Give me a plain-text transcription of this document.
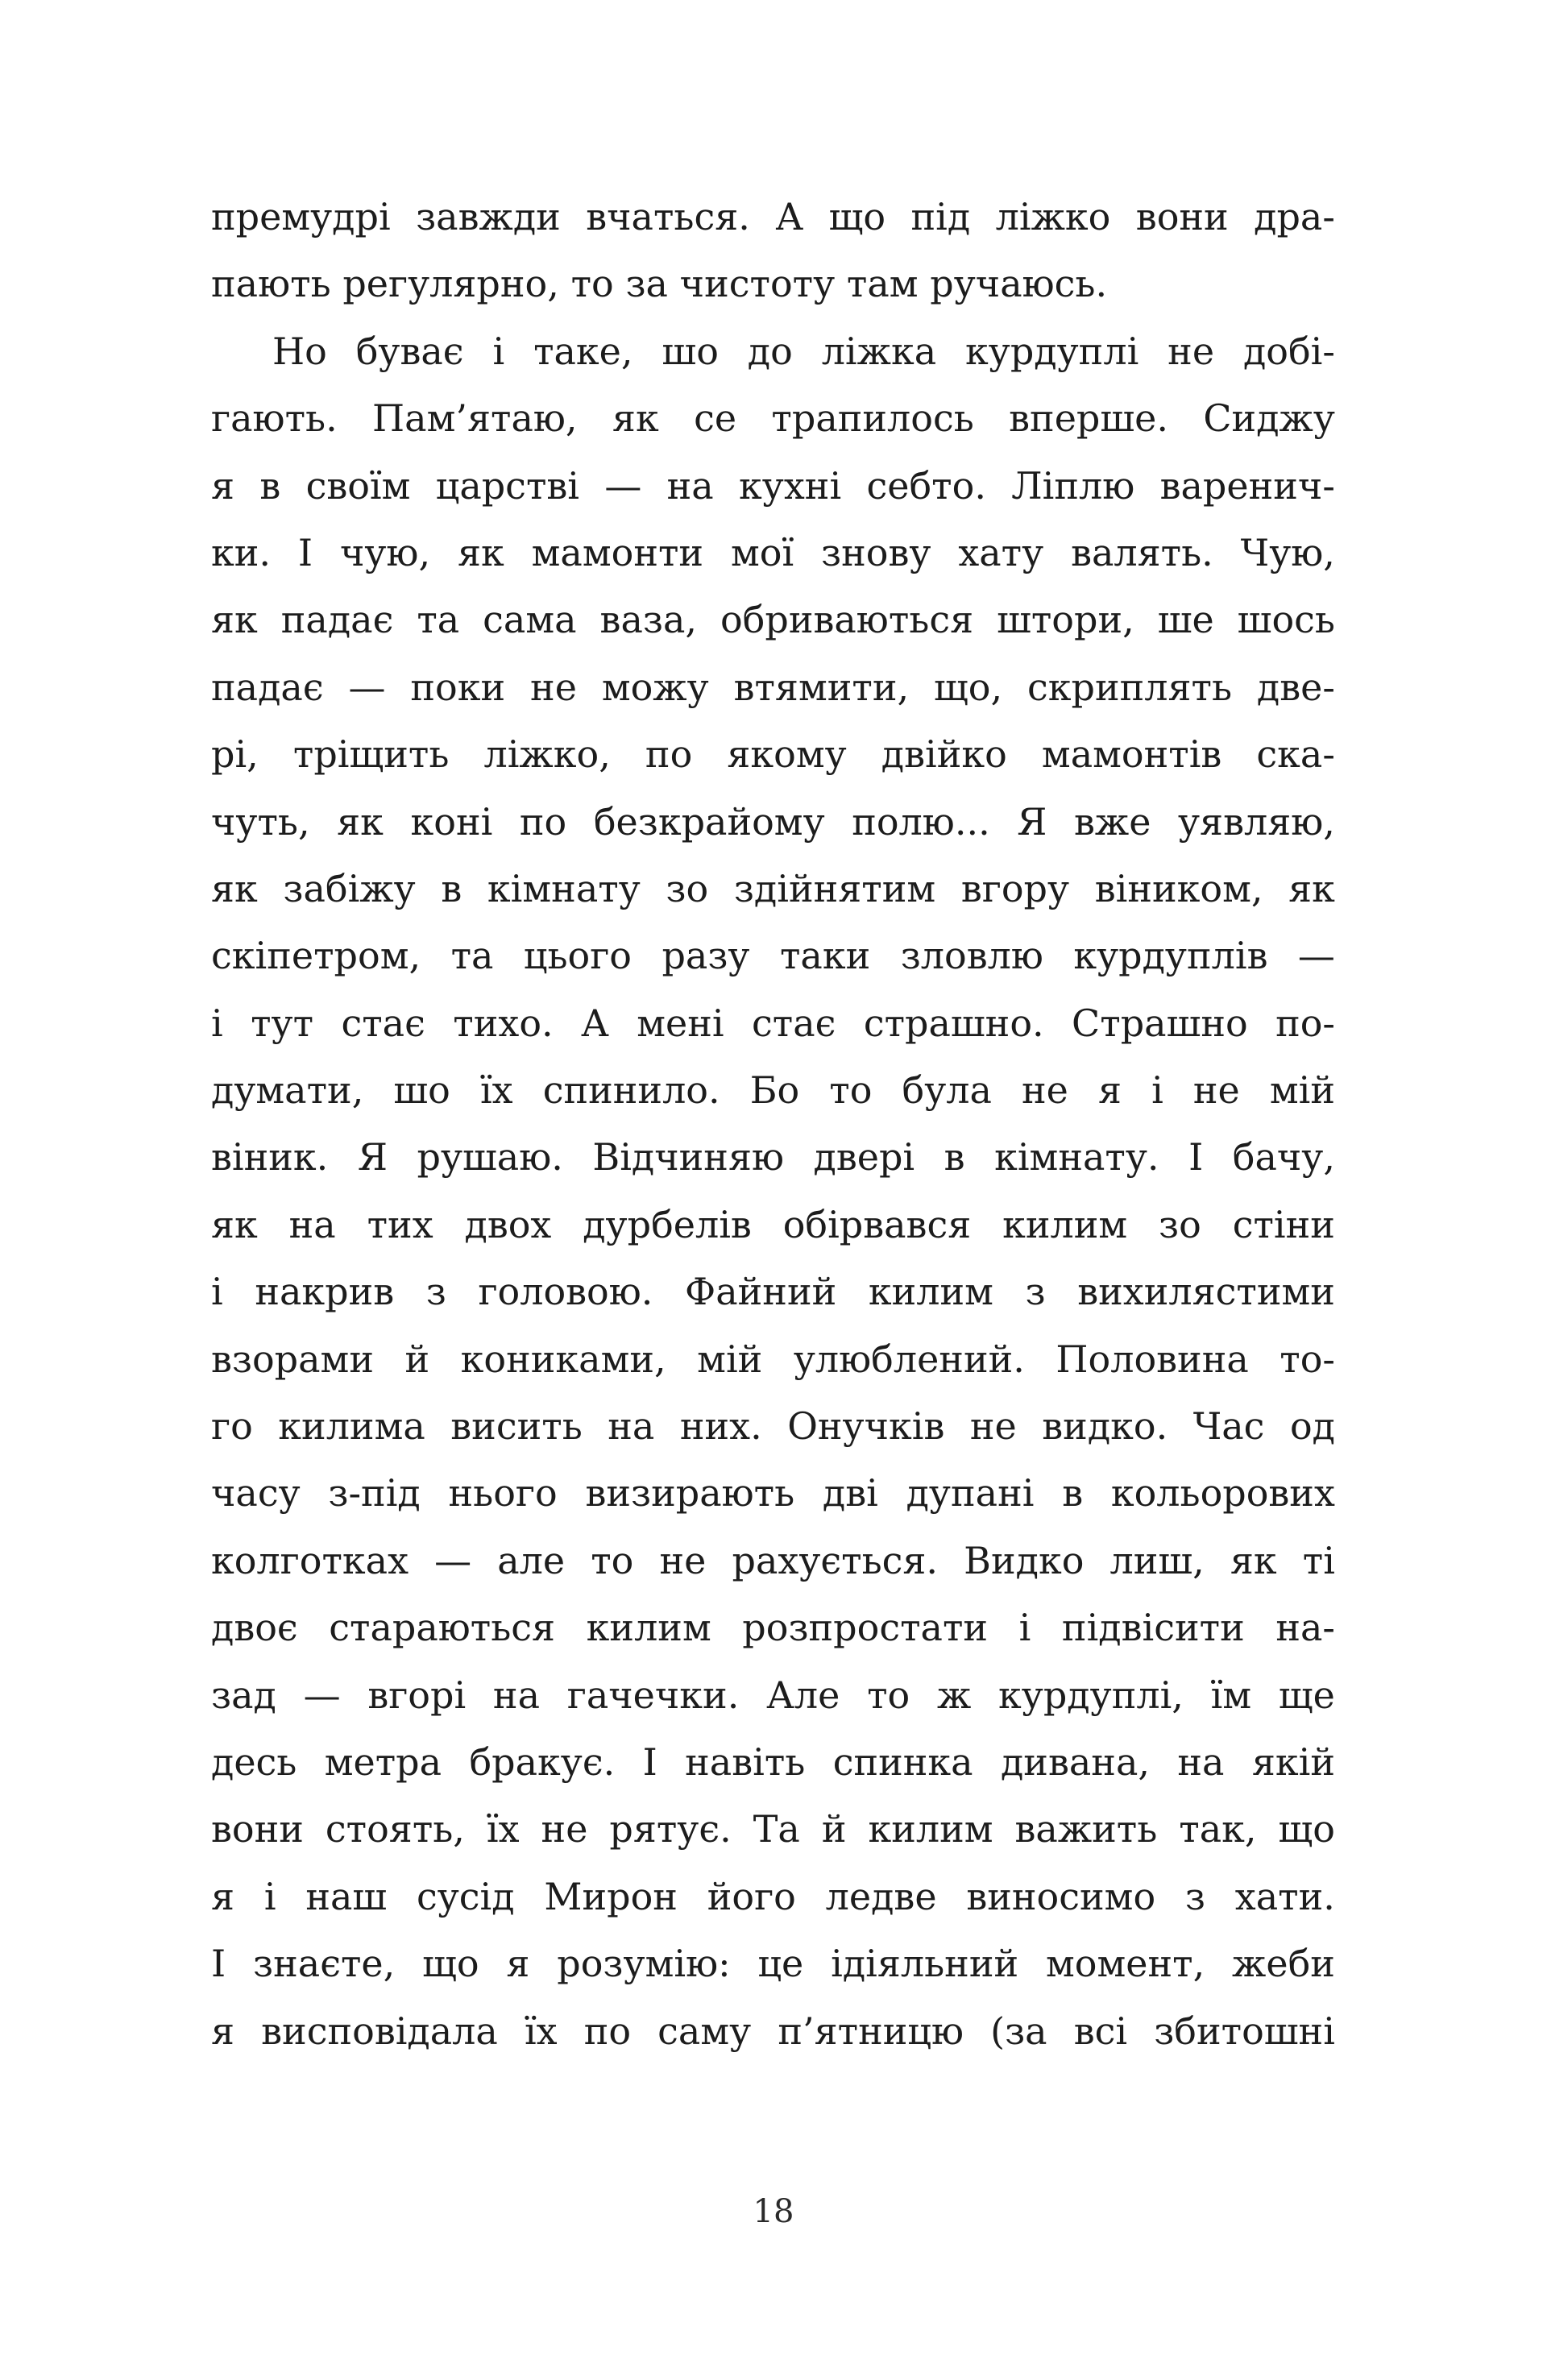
премудрі завжди вчаться. А що під ліжко вони дра-
пають регулярно, то за чистоту там ручаюсь.
Но буває і таке, шо до ліжка курдуплі не добі-
гають. Пам’ятаю, як се трапилось вперше. Сиджу
я в своїм царстві — на кухні себто. Ліплю варенич-
ки. І чую, як мамонти мої знову хату валять. Чую,
як падає та сама ваза, обриваються штори, ше шось
падає — поки не можу втямити, що, скриплять две-
рі, тріщить ліжко, по якому двійко мамонтів ска-
чуть, як коні по безкрайому полю... Я вже уявляю,
як забіжу в кімнату зо здійнятим вгору віником, як
скіпетром, та цього разу таки зловлю курдуплів —
і тут стає тихо. А мені стає страшно. Страшно по-
думати, шо їх спинило. Бо то була не я і не мій
віник. Я рушаю. Відчиняю двері в кімнату. І бачу,
як на тих двох дурбелів обірвався килим зо стіни
і накрив з головою. Файний килим з вихилястими
взорами й кониками, мій улюблений. Половина то-
го килима висить на них. Онучків не видко. Час од
часу з-під нього визирають дві дупані в кольорових
колготках — але то не рахується. Видко лиш, як ті
двоє стараються килим розпростати і підвісити на-
зад — вгорі на гачечки. Але то ж курдуплі, їм ще
десь метра бракує. І навіть спинка дивана, на якій
вони стоять, їх не рятує. Та й килим важить так, що
я і наш сусід Мирон його ледве виносимо з хати.
І знаєте, що я розумію: це ідіяльний момент, жеби
я висповідала їх по саму п’ятницю (за всі збитошні
18
